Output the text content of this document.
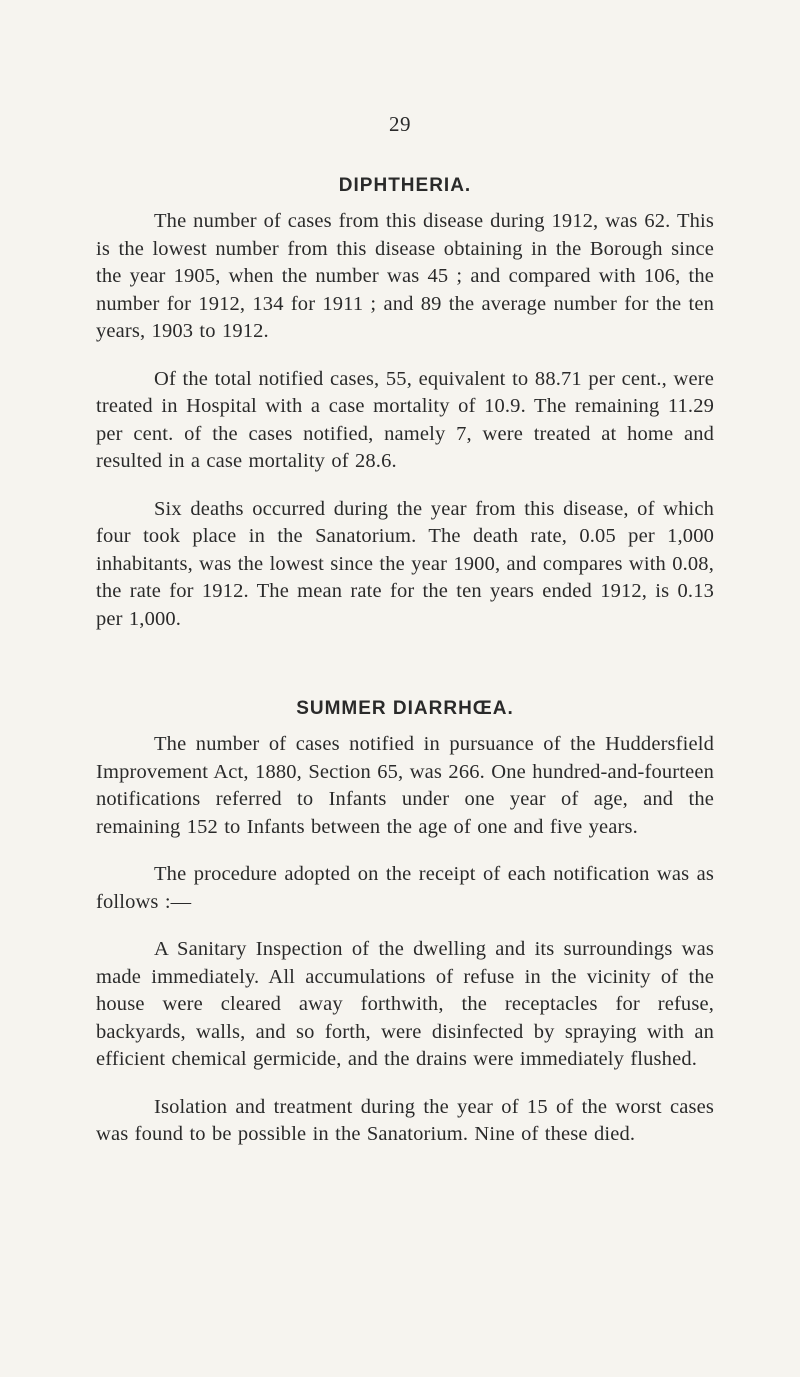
29
DIPHTHERIA.

The number of cases from this disease during 1912, was 62. This is the lowest number from this disease obtaining in the Borough since the year 1905, when the number was 45 ; and compared with 106, the number for 1912, 134 for 1911 ; and 89 the average number for the ten years, 1903 to 1912.

Of the total notified cases, 55, equivalent to 88.71 per cent., were treated in Hospital with a case mortality of 10.9. The remaining 11.29 per cent. of the cases notified, namely 7, were treated at home and resulted in a case mortality of 28.6.

Six deaths occurred during the year from this disease, of which four took place in the Sanatorium. The death rate, 0.05 per 1,000 inhabitants, was the lowest since the year 1900, and compares with 0.08, the rate for 1912. The mean rate for the ten years ended 1912, is 0.13 per 1,000.

SUMMER DIARRHŒA.

The number of cases notified in pursuance of the Huddersfield Improvement Act, 1880, Section 65, was 266. One hundred-and-fourteen notifications referred to Infants under one year of age, and the remaining 152 to Infants between the age of one and five years.

The procedure adopted on the receipt of each notification was as follows :—

A Sanitary Inspection of the dwelling and its surroundings was made immediately. All accumulations of refuse in the vicinity of the house were cleared away forthwith, the receptacles for refuse, backyards, walls, and so forth, were disinfected by spraying with an efficient chemical germicide, and the drains were immediately flushed.

Isolation and treatment during the year of 15 of the worst cases was found to be possible in the Sanatorium. Nine of these died.
